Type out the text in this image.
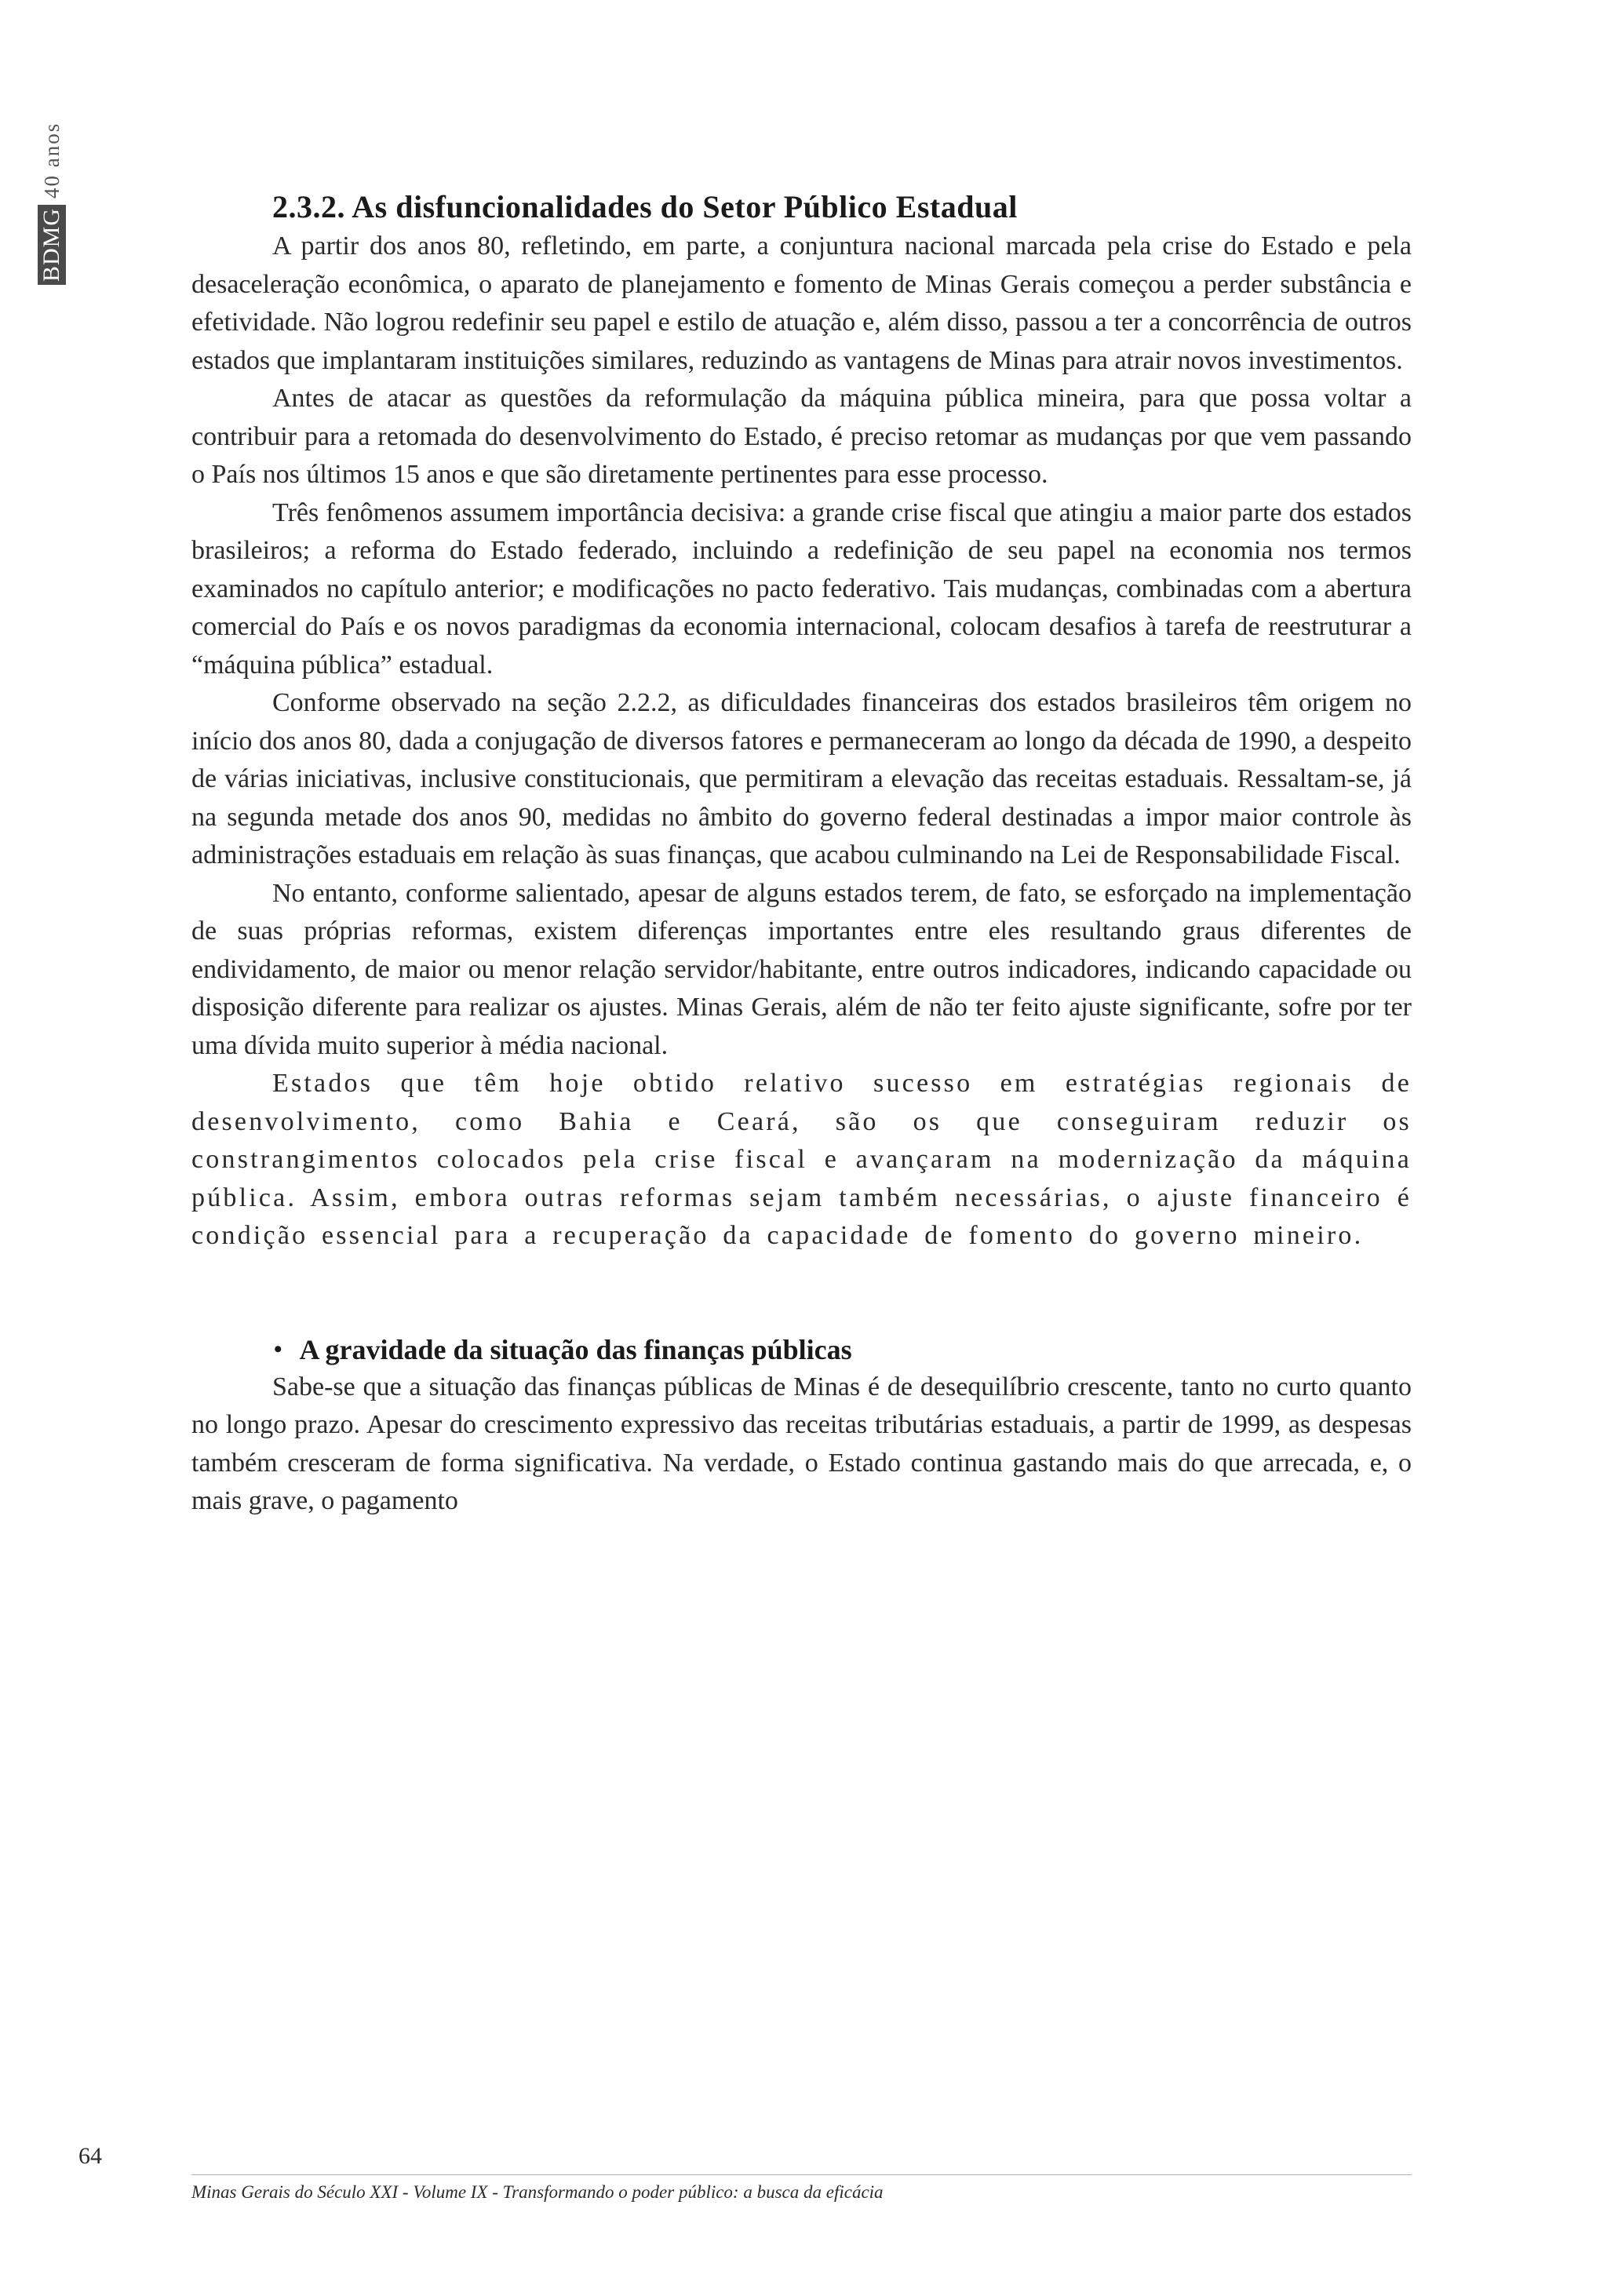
BDMG
40 anos
2.3.2. As disfuncionalidades do Setor Público Estadual

A partir dos anos 80, refletindo, em parte, a conjuntura nacional marcada pela crise do Estado e pela desaceleração econômica, o aparato de planejamento e fomento de Minas Gerais começou a perder substância e efetividade. Não logrou redefinir seu papel e estilo de atuação e, além disso, passou a ter a concorrência de outros estados que implantaram instituições similares, reduzindo as vantagens de Minas para atrair novos investimentos.

Antes de atacar as questões da reformulação da máquina pública mineira, para que possa voltar a contribuir para a retomada do desenvolvimento do Estado, é preciso retomar as mudanças por que vem passando o País nos últimos 15 anos e que são diretamente pertinentes para esse processo.

Três fenômenos assumem importância decisiva: a grande crise fiscal que atingiu a maior parte dos estados brasileiros; a reforma do Estado federado, incluindo a redefinição de seu papel na economia nos termos examinados no capítulo anterior; e modificações no pacto federativo. Tais mudanças, combinadas com a abertura comercial do País e os novos paradigmas da economia internacional, colocam desafios à tarefa de reestruturar a “máquina pública” estadual.

Conforme observado na seção 2.2.2, as dificuldades financeiras dos estados brasileiros têm origem no início dos anos 80, dada a conjugação de diversos fatores e permaneceram ao longo da década de 1990, a despeito de várias iniciativas, inclusive constitucionais, que permitiram a elevação das receitas estaduais. Ressaltam-se, já na segunda metade dos anos 90, medidas no âmbito do governo federal destinadas a impor maior controle às administrações estaduais em relação às suas finanças, que acabou culminando na Lei de Responsabilidade Fiscal.

No entanto, conforme salientado, apesar de alguns estados terem, de fato, se esforçado na implementação de suas próprias reformas, existem diferenças importantes entre eles resultando graus diferentes de endividamento, de maior ou menor relação servidor/habitante, entre outros indicadores, indicando capacidade ou disposição diferente para realizar os ajustes. Minas Gerais, além de não ter feito ajuste significante, sofre por ter uma dívida muito superior à média nacional.

Estados que têm hoje obtido relativo sucesso em estratégias regionais de desenvolvimento, como Bahia e Ceará, são os que conseguiram reduzir os constrangimentos colocados pela crise fiscal e avançaram na modernização da máquina pública. Assim, embora outras reformas sejam também necessárias, o ajuste financeiro é condição essencial para a recuperação da capacidade de fomento do governo mineiro.

• A gravidade da situação das finanças públicas

Sabe-se que a situação das finanças públicas de Minas é de desequilíbrio crescente, tanto no curto quanto no longo prazo. Apesar do crescimento expressivo das receitas tributárias estaduais, a partir de 1999, as despesas também cresceram de forma significativa. Na verdade, o Estado continua gastando mais do que arrecada, e, o mais grave, o pagamento

64
Minas Gerais do Século XXI - Volume IX - Transformando o poder público: a busca da eficácia
